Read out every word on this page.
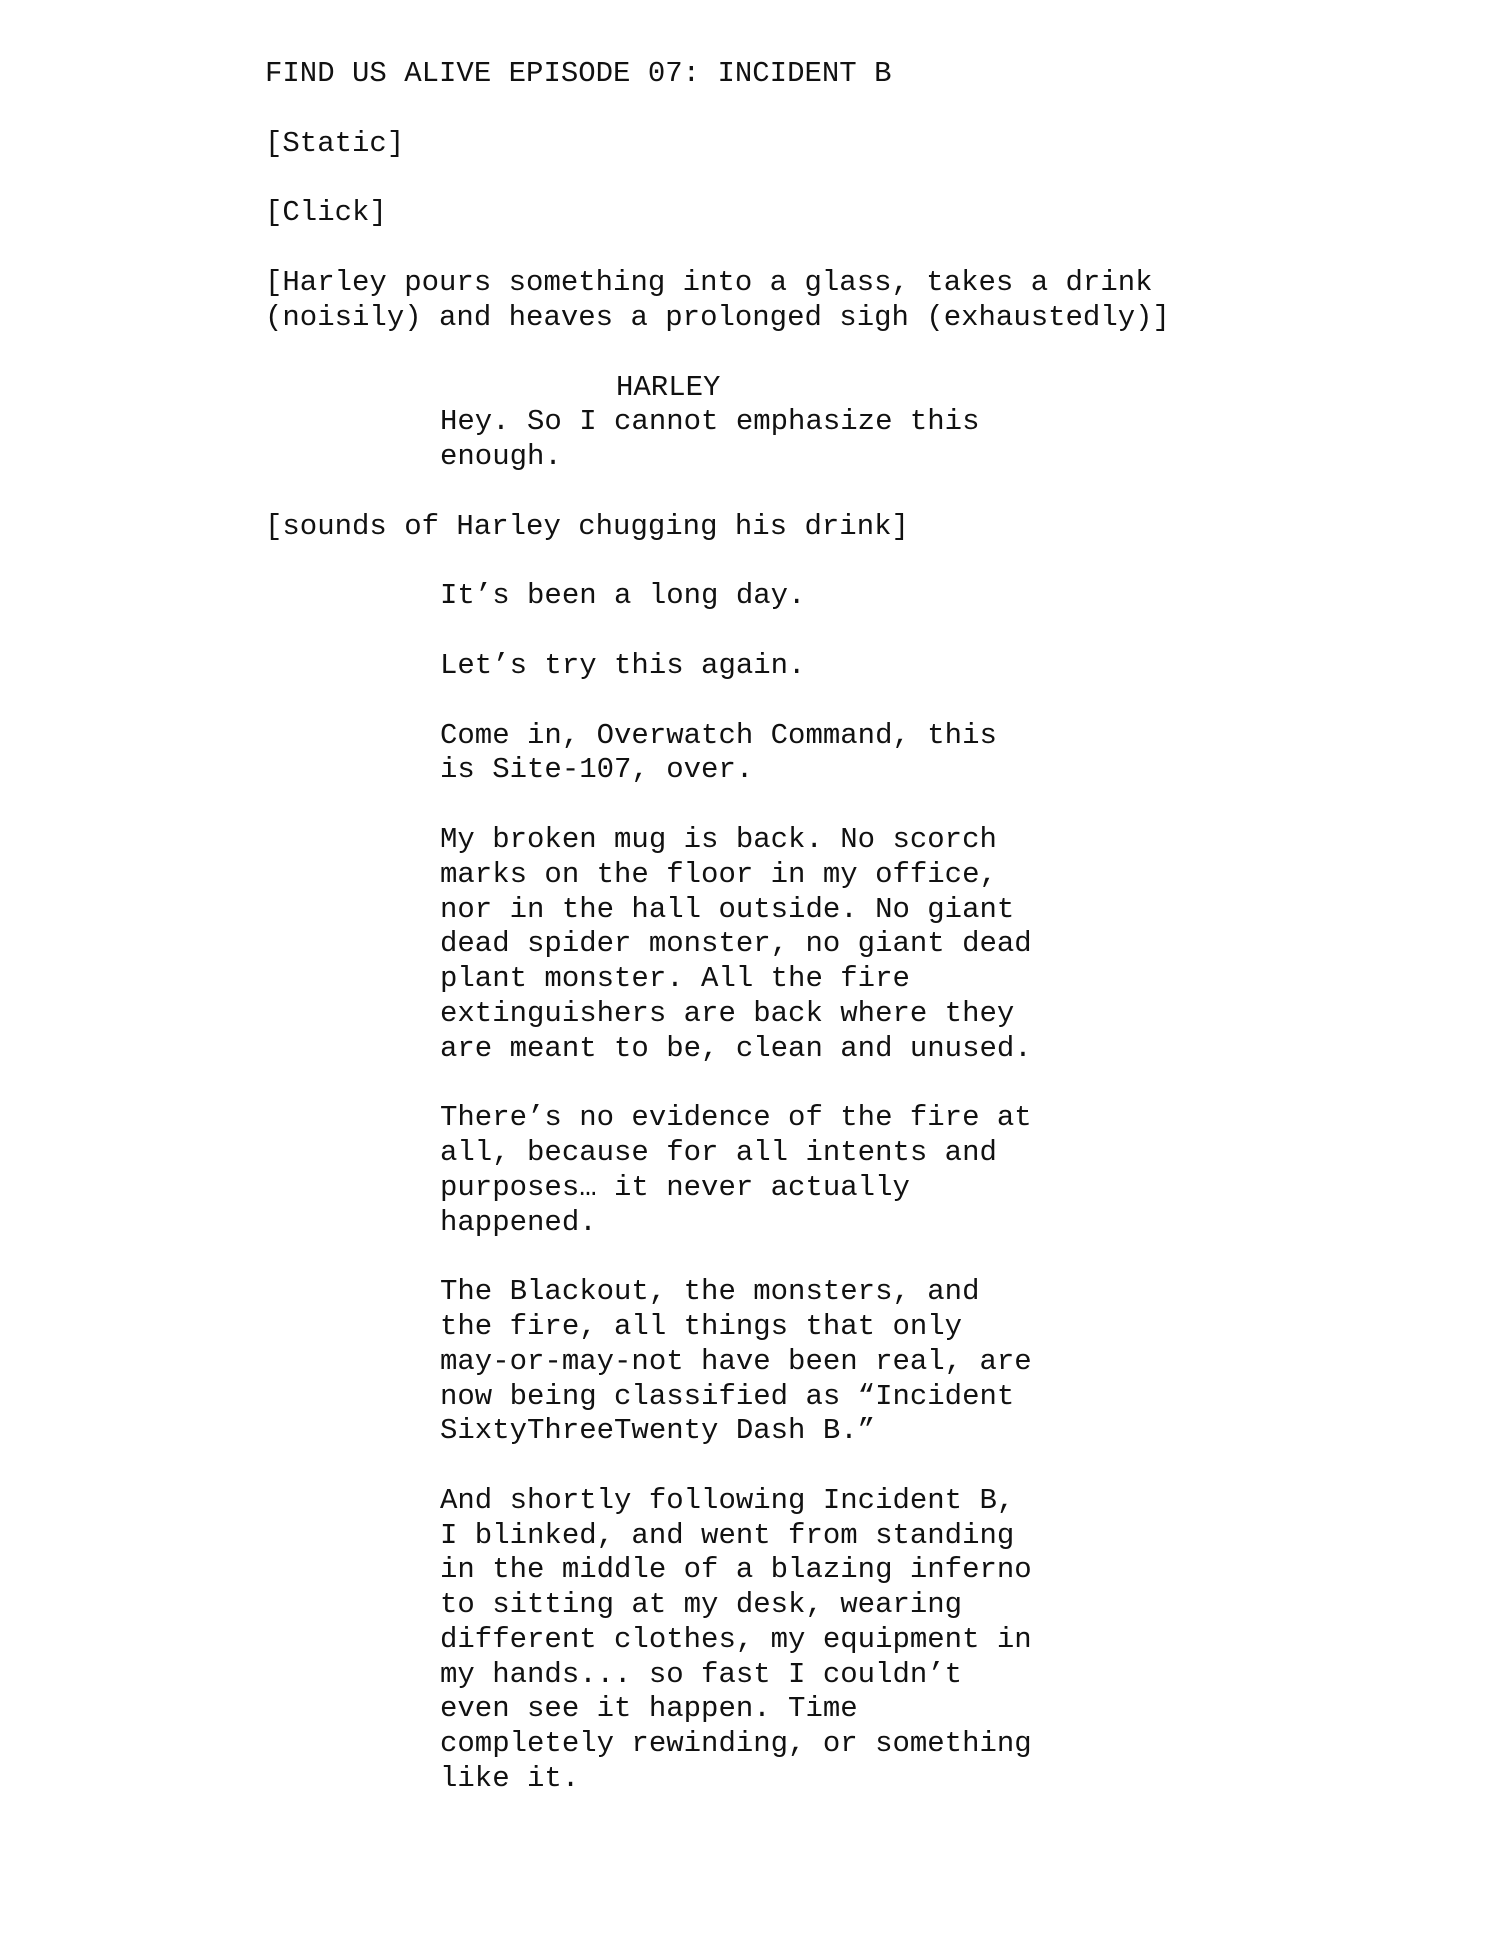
FIND US ALIVE EPISODE 07: INCIDENT B
[Static]
[Click]
[Harley pours something into a glass, takes a drink
(noisily) and heaves a prolonged sigh (exhaustedly)]
HARLEY
Hey. So I cannot emphasize this
enough.
[sounds of Harley chugging his drink]
It’s been a long day.
Let’s try this again.
Come in, Overwatch Command, this
is Site-107, over.
My broken mug is back. No scorch
marks on the floor in my office,
nor in the hall outside. No giant
dead spider monster, no giant dead
plant monster. All the fire
extinguishers are back where they
are meant to be, clean and unused.
There’s no evidence of the fire at
all, because for all intents and
purposes… it never actually
happened.
The Blackout, the monsters, and
the fire, all things that only
may-or-may-not have been real, are
now being classified as “Incident
SixtyThreeTwenty Dash B.”
And shortly following Incident B,
I blinked, and went from standing
in the middle of a blazing inferno
to sitting at my desk, wearing
different clothes, my equipment in
my hands... so fast I couldn’t
even see it happen. Time
completely rewinding, or something
like it.
